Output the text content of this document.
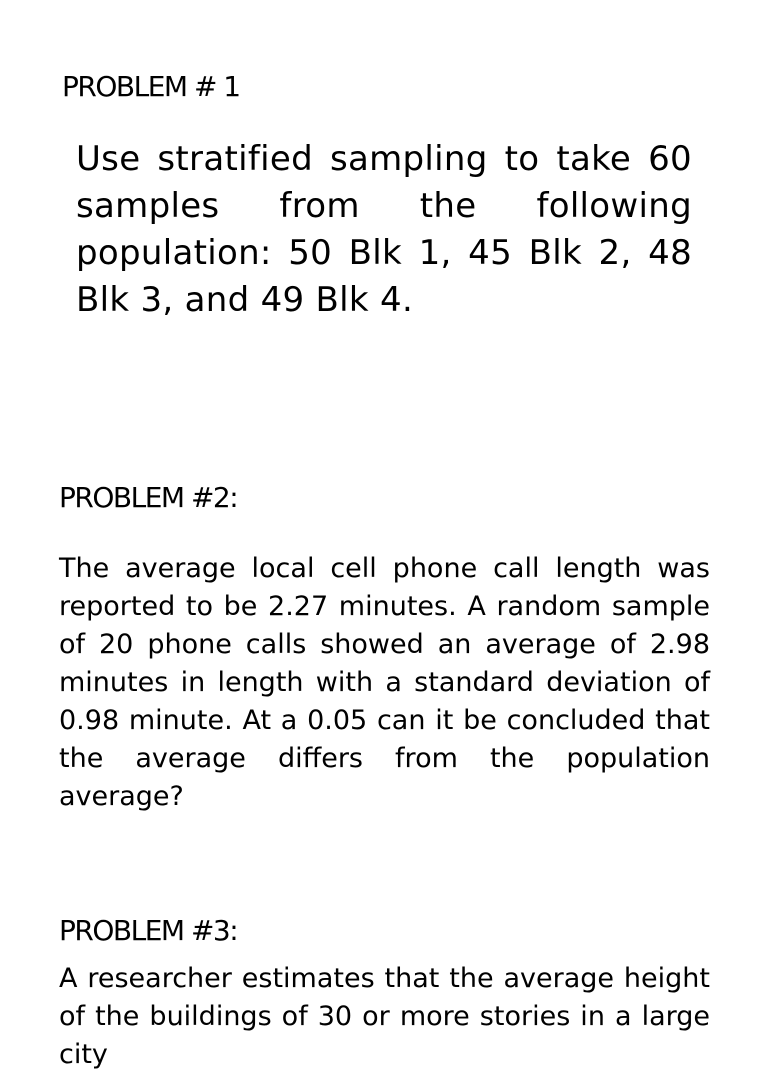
PROBLEM # 1

Use stratified sampling to take 60 samples from the following population: 50 Blk 1, 45 Blk 2, 48 Blk 3, and 49 Blk 4.

PROBLEM #2:

The average local cell phone call length was reported to be 2.27 minutes. A random sample of 20 phone calls showed an average of 2.98 minutes in length with a standard deviation of 0.98 minute. At a 0.05 can it be concluded that the average differs from the population average?

PROBLEM #3:

A researcher estimates that the average height of the buildings of 30 or more stories in a large city
